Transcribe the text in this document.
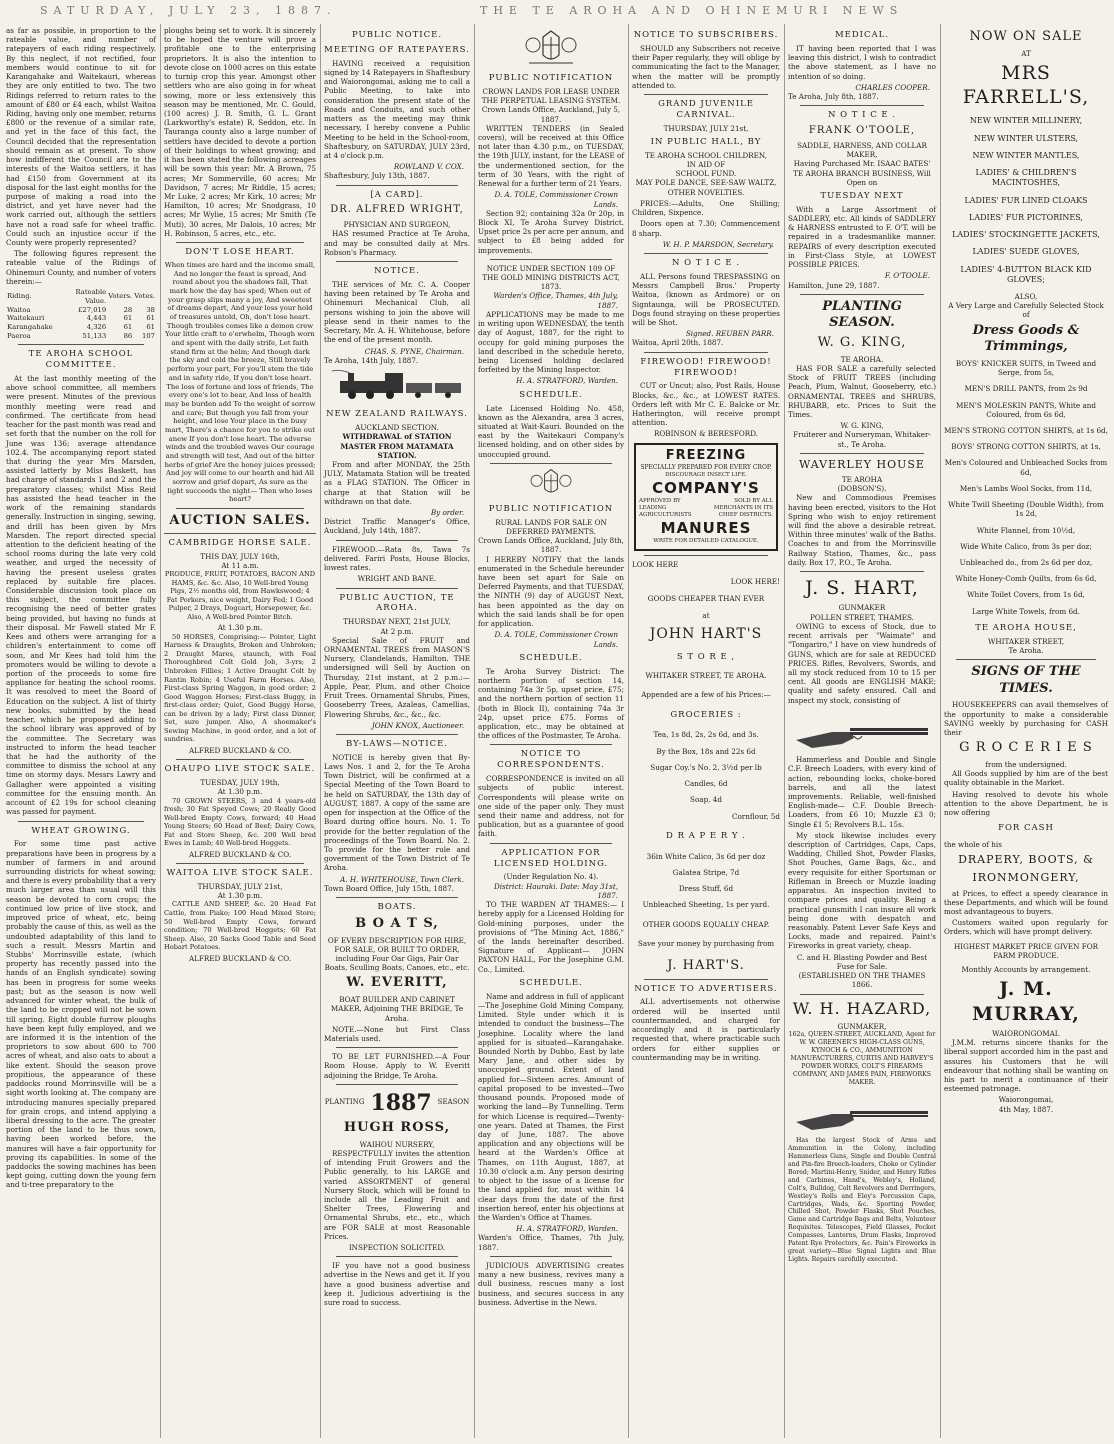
SATURDAY, JULY 23, 1887.	THE TE AROHA AND OHINEMURI NEWS

as far as possible, in proportion to the rateable value, and number of ratepayers of each riding respectively. By this neglect, if not rectified, four members would continue to sit for Karangahake and Waitekauri, whereas they are only entitled to two. The two Ridings referred to return rates to the amount of £80 or £4 each, whilst Waitoa Riding, having only one member, returns £800 or the revenue of a similar rate, and yet in the face of this fact, the Council decided that the representation should remain as at present. To show how indifferent the Council are to the interests of the Waitoa settlers, it has had £150 from Government at its disposal for the last eight months for the purpose of making a road into the district, and yet have never had the work carried out, although the settlers have not a road safe for wheel traffic. Could such an injustice occur if the County were properly represented?

The following figures represent the rateable value of the Ridings of Ohinemuri County, and number of voters therein:—

Riding.	Rateable Value.	Voters.	Votes.
Waitoa	£27,019	28	38
Waitekauri	4,443	61	61
Karangahake	4,326	61	61
Paeroa	51,133	86	107
TE AROHA SCHOOL COMMITTEE.

At the last monthly meeting of the above school committee, all members were present. Minutes of the previous monthly meeting were read and confirmed. The certificate from head teacher for the past month was read and set forth that the number on the roll for June was 136; average attendance 102.4. The accompanying report stated that during the year Mrs Marsden, assisted latterly by Miss Baskett, has had charge of standards 1 and 2 and the preparatory classes; whilst Miss Reid has assisted the head teacher in the work of the remaining standards generally. Instruction in singing, sewing, and drill has been given by Mrs Marsden. The report directed special attention to the deficient heating of the school rooms during the late very cold weather, and urged the necessity of having the present useless grates replaced by suitable fire places. Considerable discussion took place on this subject, the committee fully recognising the need of better grates being provided, but having no funds at their disposal. Mr Fawell stated Mr F. Kees and others were arranging for a children's entertainment to come off soon, and Mr Kees had told him the promoters would be willing to devote a portion of the proceeds to some fire appliance for heating the school rooms. It was resolved to meet the Board of Education on the subject. A list of thirty new books, submitted by the head teacher, which he proposed adding to the school library was approved of by the committee. The Secretary was instructed to inform the head teacher that he had the authority of the committee to dismiss the school at any time on stormy days. Messrs Lawry and Gallagher were appointed a visiting committee for the ensuing month. An account of £2 19s for school cleaning was passed for payment.

WHEAT GROWING.

For some time past active preparations have been in progress by a number of farmers in and around surrounding districts for wheat sowing; and there is every probability that a very much larger area than usual will this season be devoted to corn crops; the continued low price of live stock, and improved price of wheat, etc, being probably the cause of this, as well as the undoubted adaptability of this land to such a result. Messrs Martin and Stubbs' Morrinsville estate, (which property has recently passed into the hands of an English syndicate) sowing has been in progress for some weeks past; but as the season is now well advanced for winter wheat, the bulk of the land to be cropped will not be sown till spring. Eight double furrow ploughs have been kept fully employed, and we are informed it is the intention of the proprietors to sow about 600 to 700 acres of wheat, and also oats to about a like extent. Should the season prove propitious, the appearance of these paddocks round Morrinsville will be a sight worth looking at. The company are introducing manures specially prepared for grain crops, and intend applying a liberal dressing to the acre. The greater portion of the land to be thus sown, having been worked before, the manures will have a fair opportunity for proving its capabilities. In some of the paddocks the sowing machines has been kept going, cutting down the young fern and ti-tree preparatory to the

ploughs being set to work. It is sincerely to be hoped the venture will prove a profitable one to the enterprising proprietors. It is also the intention to devote close on 1000 acres on this estate to turnip crop this year. Amongst other settlers who are also going in for wheat sowing, more or less extensively this season may be mentioned, Mr. C. Gould, (100 acres) J. B. Smith, G. L. Grant (Larkworthy's estate) R. Seddon, etc. In Tauranga county also a large number of settlers have decided to devote a portion of their holdings to wheat growing; and it has been stated the following acreages will be sown this year: Mr. A Brown, 75 acres; Mr Sommerville, 60 acres; Mr Davidson, 7 acres; Mr Riddle, 15 acres; Mr Luke, 2 acres; Mr Kirk, 10 acres; Mr Hamilton, 10 acres; Mr Snodgrass, 10 acres; Mr Wylie, 15 acres; Mr Smith (Te Muti), 30 acres, Mr Dalois, 10 acres; Mr H. Robinson, 5 acres, etc., etc.

DON'T LOSE HEART.

When times are hard and the income small, And no longer the feast is spread, And round about you the shadows fall, That mark how the day has sped; When out of your grasp slips many a joy, And sweetest of dreams depart, And your loss your hold of treasures untold, Oh, don't lose heart. Though troubles comes like a demon crew Your little craft to o'erwhelm, Though worn and spent with the daily strife, Let faith stand firm at the helm; And though dark the sky and cold the breeze, Still bravely perform your part, For you'll stem the tide and in safety ride, If you don't lose heart. The loss of fortune and loss of friends, The every one's lot to bear, And loss of health may be burden add To the weight of sorrow and care; But though you fall from your height, and lose Your place in the busy mart, There's a chance for you to strike out anew If you don't lose heart. The adverse winds and the troubled waves Our courage and strength will test, And out of the bitter herbs of grief Are the honey juices pressed; And joy will come to our hearth and hid All sorrow and grief depart, As sure as the light succeeds the night— Then who loses heart?

AUCTION SALES.
CAMBRIDGE HORSE SALE.
THIS DAY, JULY 16th,
At 11 a.m.

PRODUCE, FRUIT, POTATOES, BACON AND HAMS, &c. &c. Also, 10 Well-bred Young Pigs, 2½ months old, from Hawkswood; 4 Fat Porkers, nice weight, Dairy Fed; 1 Good Pulper, 2 Drays, Dogcart, Horsepower, &c. Also, A Well-bred Pointer Bitch.

At 1.30 p.m.

50 HORSES, Comprising:— Pointer, Light Harness & Draughts, Broken and Unbroken; 2 Draught Mares, staunch, with Foal Thoroughbred Colt Gold Job, 3-yrs; 2 Unbroken Fillies; 1 Active Draught Colt by Rantin Robin; 4 Useful Farm Horses. Also, First-class Spring Waggon, in good order; 2 Good Waggon Horses; First-class Buggy, in first-class order; Quiet, Good Buggy Horse, can be driven by a lady; First class Dinner, Set, sure jumper. Also, A shoemaker's Sewing Machine, in good order, and a lot of sundries.

ALFRED BUCKLAND & CO.
OHAUPO LIVE STOCK SALE.
TUESDAY, JULY 19th,
At 1.30 p.m.

70 GROWN STEERS, 3 and 4 years-old fresh; 30 Fat Speyed Cows; 20 Really Good Well-bred Empty Cows, forward; 40 Head Young Steers; 60 Head of Beef; Dairy Cows, Fat and Store Sheep, &c. 200 Well bred Ewes in Lamb; 40 Well-bred Hoggets.

ALFRED BUCKLAND & CO.
WAITOA LIVE STOCK SALE.
THURSDAY, JULY 21st,
At 1.30 p.m.

CATTLE AND SHEEP, &c. 20 Head Fat Cattle, from Piako; 100 Head Mixed Store; 50 Well-bred Empty Cows, forward condition; 70 Well-bred Hoggets; 60 Fat Sheep. Also, 20 Sacks Good Table and Seed Hobart Potatoes.

ALFRED BUCKLAND & CO.
PUBLIC NOTICE.
MEETING OF RATEPAYERS.

HAVING received a requisition signed by 14 Ratepayers in Shaftesbury and Waiorongomai, asking me to call a Public Meeting, to take into consideration the present state of the Roads and Conduits, and such other matters as the meeting may think necessary, I hereby convene a Public Meeting to be held in the School-room, Shaftesbury, on SATURDAY, JULY 23rd, at 4 o'clock p.m.

ROWLAND V. COX.
Shaftesbury, July 13th, 1887.
[A CARD].
DR. ALFRED WRIGHT,
PHYSICIAN AND SURGEON,

HAS resumed Practice at Te Aroha, and may be consulted daily at Mrs. Robson's Pharmacy.

NOTICE.

THE services of Mr. C. A. Cooper having been retained by Te Aroha and Ohinemuri Mechanical Club, all persons wishing to join the above will please send in their names to the Secretary, Mr. A. H. Whitehouse, before the end of the present month.

CHAS. S. PYNE, Chairman.
Te Aroha, 14th July, 1887.
NEW ZEALAND RAILWAYS.
AUCKLAND SECTION.
WITHDRAWAL of STATION MASTER FROM MATAMATA STATION.

From and after MONDAY, the 25th JULY, Matamata Station will be treated as a FLAG STATION. The Officer in charge at that Station will be withdrawn on that date.

By order.
District Traffic Manager's Office, Auckland, July 14th, 1887.

FIREWOOD.—Rata 8s, Tawa 7s delivered. Fariri Posts, House Blocks, lowest rates.

WRIGHT AND BANE.
PUBLIC AUCTION, TE AROHA.
THURSDAY NEXT, 21st JULY,
At 2 p.m.

Special Sale of FRUIT and ORNAMENTAL TREES from MASON'S Nursery, Clandelands, Hamilton. THE undersigned will Sell by Auction on Thursday, 21st instant, at 2 p.m.:— Apple, Pear, Plum, and other Choice Fruit Trees. Ornamental Shrubs, Pines, Gooseberry Trees, Azaleas, Camellias, Flowering Shrubs, &c., &c., &c.

JOHN KNOX, Auctioneer.
BY-LAWS—NOTICE.

NOTICE is hereby given that By-Laws Nos. 1 and 2, for the Te Aroha Town District, will be confirmed at a Special Meeting of the Town Board to be held on SATURDAY, the 13th day of AUGUST, 1887. A copy of the same are open for inspection at the Office of the Board during office hours. No. 1. To provide for the better regulation of the proceedings of the Town Board. No. 2. To provide for the better rule and government of the Town District of Te Aroha.

A. H. WHITEHOUSE, Town Clerk.
Town Board Office, July 15th, 1887.
BOATS.
B O A T S,

OF EVERY DESCRIPTION FOR HIRE, FOR SALE, OR BUILT TO ORDER, including Four Oar Gigs, Pair Oar Boats, Sculling Boats, Canoes, etc., etc.

W. EVERITT,

BOAT BUILDER AND CABINET MAKER, Adjoining THE BRIDGE, Te Aroha.

NOTE.—None but First Class Materials used.

TO BE LET FURNISHED.—A Four Room House. Apply to W. Everitt adjoining the Bridge, Te Aroha.

PLANTING 1887 SEASON
HUGH ROSS,
WAIHOU NURSERY,

RESPECTFULLY invites the attention of intending Fruit Growers and the Public generally, to his LARGE and varied ASSORTMENT of general Nursery Stock, which will be found to include all the Leading Fruit and Shelter Trees, Flowering and Ornamental Shrubs, etc., etc., which are FOR SALE at most Reasonable Prices.

INSPECTION SOLICITED.

IF you have not a good business advertise in the News and get it. If you have a good business advertise and keep it. Judicious advertising is the sure road to success.

PUBLIC NOTIFICATION
CROWN LANDS FOR LEASE UNDER THE PERPETUAL LEASING SYSTEM.
Crown Lands Office, Auckland, July 5, 1887.

WRITTEN TENDERS (in Sealed covers), will be received at this Office not later than 4.30 p.m., on TUESDAY, the 19th JULY, instant, for the LEASE of the undermentioned section, for the term of 30 Years, with the right of Renewal for a further term of 21 Years.

D. A. TOLE, Commissioner Crown Lands.

Section 92; containing 32a 0r 20p, in Block XI, Te Aroha Survey District. Upset price 2s per acre per annum, and subject to £8 being added for improvements.

NOTICE UNDER SECTION 109 OF THE GOLD MINING DISTRICTS ACT, 1873.
Warden's Office, Thames, 4th July, 1887.

APPLICATIONS may be made to me in writing upon WEDNESDAY, the tenth day of August, 1887, for the right to occupy for gold mining purposes the land described in the schedule hereto, being Licensed holding declared forfeited by the Mining Inspector.

H. A. STRATFORD, Warden.
SCHEDULE.

Late Licensed Holding No. 458, known as the Alexandra, area 3 acres, situated at Wait-Kauri. Bounded on the east by the Waitekauri Company's licensed holding, and on other sides by unoccupied ground.

PUBLIC NOTIFICATION
RURAL LANDS FOR SALE ON DEFERRED PAYMENTS.
Crown Lands Office, Auckland, July 8th, 1887.

I HEREBY NOTIFY that the lands enumerated in the Schedule hereunder have been set apart for Sale on Deferred Payments, and that TUESDAY, the NINTH (9) day of AUGUST Next, has been appointed as the day on which the said lands shall be for open for application.

D. A. TOLE, Commissioner Crown Lands.
SCHEDULE.

Te Aroha Survey District: The northern portion of section 14, containing 74a 3r 5p, upset price, £75; and the northern portion of section 11 (both in Block II), containing 74a 3r 24p, upset price £75. Forms of application, etc., may be obtained at the offices of the Postmaster, Te Aroha.

NOTICE TO CORRESPONDENTS.

CORRESPONDENCE is invited on all subjects of public interest. Correspondents will please write on one side of the paper only. They must send their name and address, not for publication, but as a guarantee of good faith.

APPLICATION FOR LICENSED HOLDING.
(Under Regulation No. 4).
District: Hauraki. Date: May 31st, 1887.

TO THE WARDEN AT THAMES:— I hereby apply for a Licensed Holding for Gold-mining purposes, under the provisions of "The Mining Act, 1886," of the lands hereinafter described. Signature of Applicant— JOHN PAXTON HALL, For the Josephine G.M. Co., Limited.

SCHEDULE.

Name and address in full of applicant—The Josephine Gold Mining Company, Limited. Style under which it is intended to conduct the business—The Josephine. Locality where the land applied for is situated—Karangahake. Bounded North by Dubbo, East by late Mary Jane, and other sides by unoccupied ground. Extent of land applied for—Sixteen acres. Amount of capital proposed to be invested—Two thousand pounds. Proposed mode of working the land—By Tunnelling. Term for which License is required—Twenty-one years. Dated at Thames, the First day of June, 1887. The above application and any objections will be heard at the Warden's Office at Thames, on 11th August, 1887, at 10.30 o'clock a.m. Any person desiring to object to the issue of a license for the land applied for, must within 14 clear days from the date of the first insertion hereof, enter his objections at the Warden's Office at Thames.

H. A. STRATFORD, Warden.
Warden's Office, Thames, 7th July, 1887.

JUDICIOUS ADVERTISING creates many a new business, revives many a dull business, rescues many a lost business, and secures success in any business. Advertise in the News.

NOTICE TO SUBSCRIBERS.

SHOULD any Subscribers not receive their Paper regularly, they will oblige by communicating the fact to the Manager, when the matter will be promptly attended to.

GRAND JUVENILE CARNIVAL.
THURSDAY, JULY 21st,
IN PUBLIC HALL, BY
TE AROHA SCHOOL CHILDREN,
IN AID OF
SCHOOL FUND.

MAY POLE DANCE, SEE-SAW WALTZ, OTHER NOVELTIES.

PRICES:—Adults, One Shilling; Children, Sixpence.

Doors open at 7.30; Commencement 8 sharp.

W. H. P. MARSDON, Secretary.
N O T I C E .

ALL Persons found TRESPASSING on Messrs Campbell Bros.' Property Waitoa, (known as Ardmore) or on Signtaunga, will be PROSECUTED. Dogs found straying on these properties will be Shot.

Signed. REUBEN PARR.
Waitoa, April 20th, 1887.
FIREWOOD! FIREWOOD! FIREWOOD!

CUT or Uncut; also, Post Rails, House Blocks, &c., &c., at LOWEST RATES. Orders left with Mr C. E. Balcke or Mr. Hatherington, will receive prompt attention.

ROBINSON & BERESFORD.
FREEZING
SPECIALLY PREPARED FOR EVERY CROP.
DISCOURAGE INSECT LIFE.
COMPANY'S
APPROVED BY LEADING AGRICULTURISTS
SOLD BY ALL MERCHANTS IN ITS CHIEF DISTRICTS.
MANURES
WRITE FOR DETAILED CATALOGUE.
LOOK HERE
LOOK HERE!
GOODS CHEAPER THAN EVER
at
JOHN HART'S
S T O R E ,
WHITAKER STREET, TE AROHA.
Appended are a few of his Prices:—
GROCERIES :
Tea, 1s 8d, 2s, 2s 6d, and 3s.
By the Box, 18s and 22s 6d
Sugar Coy.'s No. 2, 3½d per lb
Candles, 6d
Soap, 4d
Cornflour, 5d
D R A P E R Y .
36in White Calico, 3s 6d per doz
Galatea Stripe, 7d
Dress Stuff, 6d
Unbleached Sheeting, 1s per yard.
OTHER GOODS EQUALLY CHEAP.
Save your money by purchasing from
J. HART'S.
NOTICE TO ADVERTISERS.

ALL advertisements not otherwise ordered will be inserted until countermanded, and charged for accordingly and it is particularly requested that, where practicable such orders for either supplies or countermanding may be in writing.

MEDICAL.

IT having been reported that I was leaving this district, I wish to contradict the above statement, as I have no intention of so doing.

CHARLES COOPER.
Te Aroha, July 8th, 1887.
N O T I C E .
FRANK O'TOOLE,
SADDLE, HARNESS, AND COLLAR MAKER,

Having Purchased Mr. ISAAC BATES' TE AROHA BRANCH BUSINESS, Will Open on

TUESDAY NEXT

With a Large Assortment of SADDLERY, etc. All kinds of SADDLERY & HARNESS entrusted to F. O'T. will be repaired in a tradesmanlike manner. REPAIRS of every description executed in First-Class Style, at LOWEST POSSIBLE PRICES.

F. O'TOOLE.
Hamilton, June 29, 1887.
PLANTING SEASON.
W. G. KING,
TE AROHA.

HAS FOR SALE a carefully selected Stock of FRUIT TREES (including Peach, Plum, Walnut, Gooseberry, etc.) ORNAMENTAL TREES and SHRUBS, RHUBARB, etc. Prices to Suit the Times.

W. G. KING,
Fruiterer and Nurseryman, Whitaker-st., Te Aroha.
WAVERLEY HOUSE
TE AROHA
(DOBSON'S).

New and Commodious Premises having been erected, visitors to the Hot Spring who wish to enjoy retirement will find the above a desirable retreat. Within three minutes' walk of the Baths. Coaches to and from the Morrinsville Railway Station, Thames, &c., pass daily. Box 17, P.O., Te Aroha.

J. S. HART,
GUNMAKER
POLLEN STREET, THAMES.

OWING to excess of Stock, due to recent arrivals per "Waimate" and "Tongariro," I have on view hundreds of GUNS, which are for sale at REDUCED PRICES. Rifles, Revolvers, Swords, and all my stock reduced from 10 to 15 per cent. All goods are ENGLISH MAKE; quality and safety ensured. Call and inspect my stock, consisting of

Hammerless and Double and Single C.F. Breech Loaders, with every kind of action, rebounding locks, choke-bored barrels, and all the latest improvements. Reliable, well-finished English-made— C.F. Double Breech-Loaders, from £6 10; Muzzle £3 0; Single £1 5; Revolvers B.L. 15s.

My stock likewise includes every description of Cartridges, Caps, Caps, Wadding, Chilled Shot, Powder Flasks, Shot Pouches, Game Bags, &c., and every requisite for either Sportsman or Rifleman in Breech or Muzzle loading apparatus. An inspection invited to compare prices and quality. Being a practical gunsmith I can insure all work being done with despatch and reasonably. Patent Lever Safe Keys and Locks, made and repaired. Paint's Fireworks in great variety, cheap.

C. and H. Blasting Powder and Best Fuse for Sale.
(ESTABLISHED ON THE THAMES 1866.
W. H. HAZARD,
GUNMAKER,

162a, QUEEN-STREET, AUCKLAND, Agent for W. W. GREENER'S HIGH-CLASS GUNS, KYNOCH & CO., AMMUNITION MANUFACTURERS, CURTIS AND HARVEY'S POWDER WORKS, COLT'S FIREARMS COMPANY, AND JAMES PAIN, FIREWORKS MAKER.

Has the largest Stock of Arms and Ammunition in the Colony, including Hammerless Guns, Single and Double Central and Pin-fire Breech-loaders, Choke or Cylinder Bored; Martini-Henry, Snider, and Henry Rifles and Carbines, Hand's, Webley's, Holland, Colt's, Bulldog, Colt Revolvers and Derringers, Westley's Rolls and Eley's Percussion Caps, Cartridges, Wads, &c. Sporting Powder, Chilled Shot, Powder Flasks, Shot Pouches, Game and Cartridge Bags and Belts, Volunteer Requisites. Telescopes, Field Glasses, Pocket Compasses, Lanterns, Drum Flasks, Improved Patent Rye Protectors, &c. Pain's Fireworks in great variety—Blue Signal Lights and Blue Lights. Repairs carefully executed.

NOW ON SALE
AT
MRS FARRELL'S,
NEW WINTER MILLINERY,
NEW WINTER ULSTERS,
NEW WINTER MANTLES,
LADIES' & CHILDREN'S MACINTOSHES,
LADIES' FUR LINED CLOAKS
LADIES' FUR PICTORINES,
LADIES' STOCKINGETTE JACKETS,
LADIES' SUEDE GLOVES,
LADIES' 4-BUTTON BLACK KID GLOVES;
ALSO,
A Very Large and Carefully Selected Stock of
Dress Goods & Trimmings,
BOYS' KNICKER SUITS, in Tweed and Serge, from 5s,
MEN'S DRILL PANTS, from 2s 9d
MEN'S MOLESKIN PANTS, White and Coloured, from 6s 6d,
MEN'S STRONG COTTON SHIRTS, at 1s 6d,
BOYS' STRONG COTTON SHIRTS, at 1s,
Men's Coloured and Unbleached Socks from 6d,
Men's Lambs Wool Socks, from 11d,
White Twill Sheeting (Double Width), from 1s 2d,
White Flannel, from 10½d,
Wide White Calico, from 3s per doz;
Unbleached do., from 2s 6d per doz,
White Honey-Comb Quilts, from 6s 6d,
White Toilet Covers, from 1s 6d,
Large White Towels, from 6d.
TE AROHA HOUSE,
WHITAKER STREET,
Te Aroha.
SIGNS OF THE TIMES.

HOUSEKEEPERS can avail themselves of the opportunity to make a considerable SAVING weekly by purchasing for CASH their

G R O C E R I E S
from the undersigned.

All Goods supplied by him are of the best quality obtainable in the Market.

Having resolved to devote his whole attention to the above Department, he is now offering

FOR CASH
the whole of his
DRAPERY, BOOTS, &
IRONMONGERY,

at Prices, to effect a speedy clearance in these Departments, and which will be found most advantageous to buyers.

Customers waited upon regularly for Orders, which will have prompt delivery.

HIGHEST MARKET PRICE GIVEN FOR FARM PRODUCE.
Monthly Accounts by arrangement.
J. M. MURRAY,
WAIORONGOMAI.

J.M.M. returns sincere thanks for the liberal support accorded him in the past and assures his Customers that he will endeavour that nothing shall be wanting on his part to merit a continuance of their esteemed patronage.

Waiorongomai,
4th May, 1887.
